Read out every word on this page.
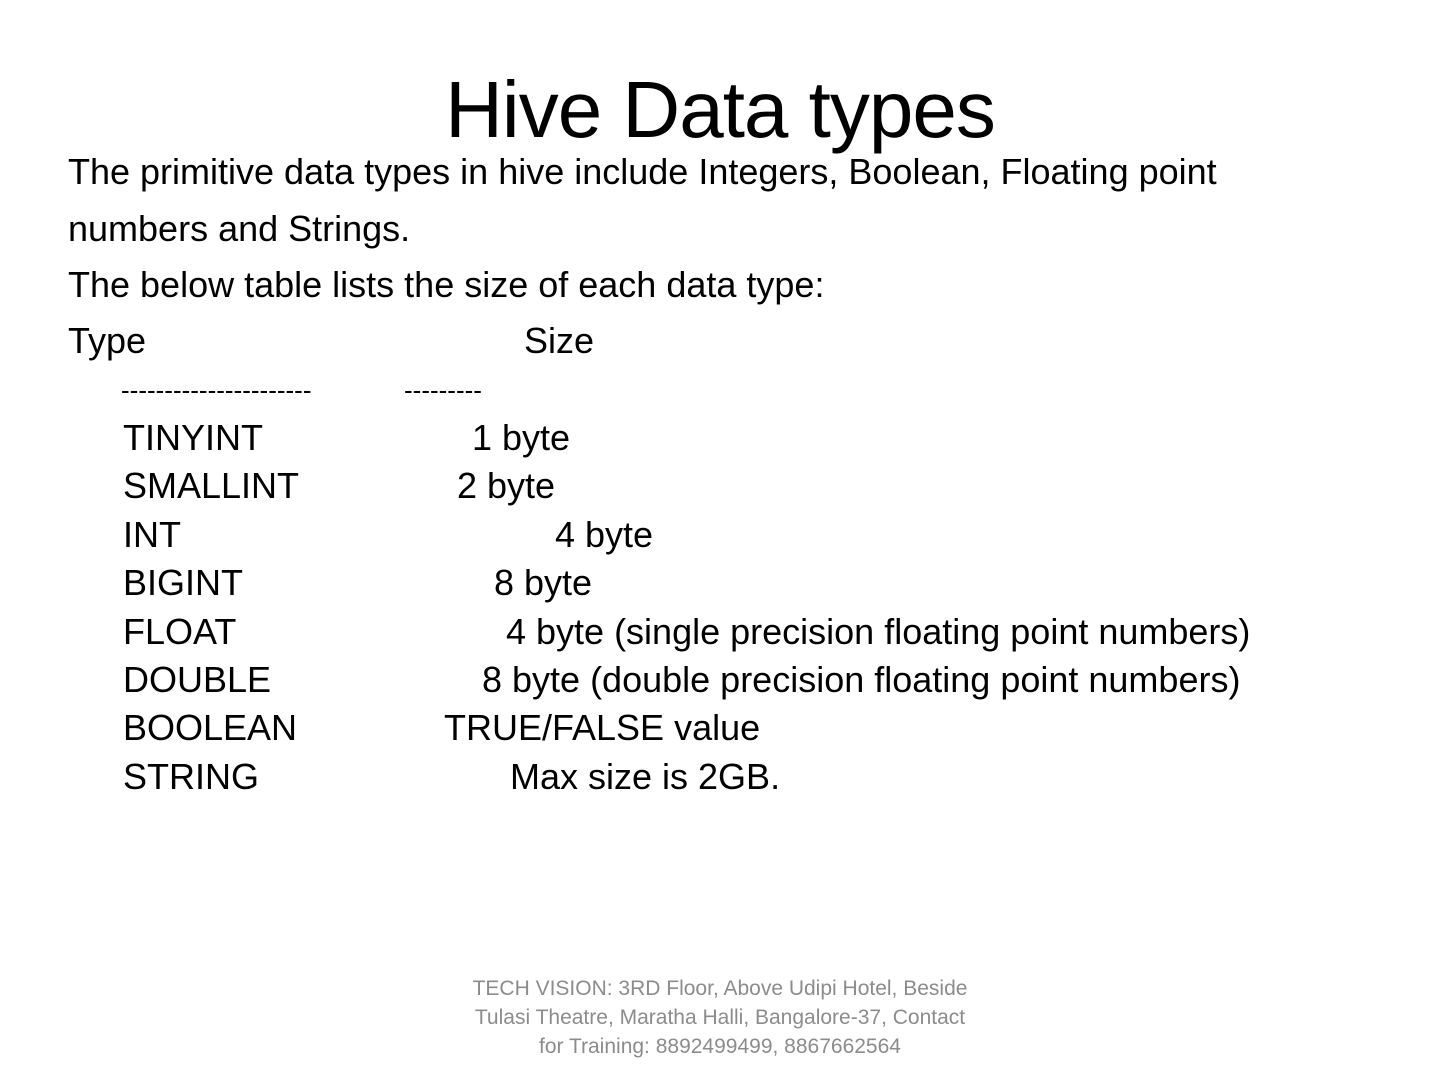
Hive Data types
The primitive data types in hive include Integers, Boolean, Floating point
numbers and Strings.
The below table lists the size of each data type:
Type	Size
----------------------	---------
TINYINT	1 byte
SMALLINT	2 byte
INT	4 byte
BIGINT	8 byte
FLOAT	4 byte (single precision floating point numbers)
DOUBLE	8 byte (double precision floating point numbers)
BOOLEAN	TRUE/FALSE value
STRING	Max size is 2GB.
TECH VISION: 3RD Floor, Above Udipi Hotel, Beside Tulasi Theatre, Maratha Halli, Bangalore-37, Contact for Training: 8892499499, 8867662564
